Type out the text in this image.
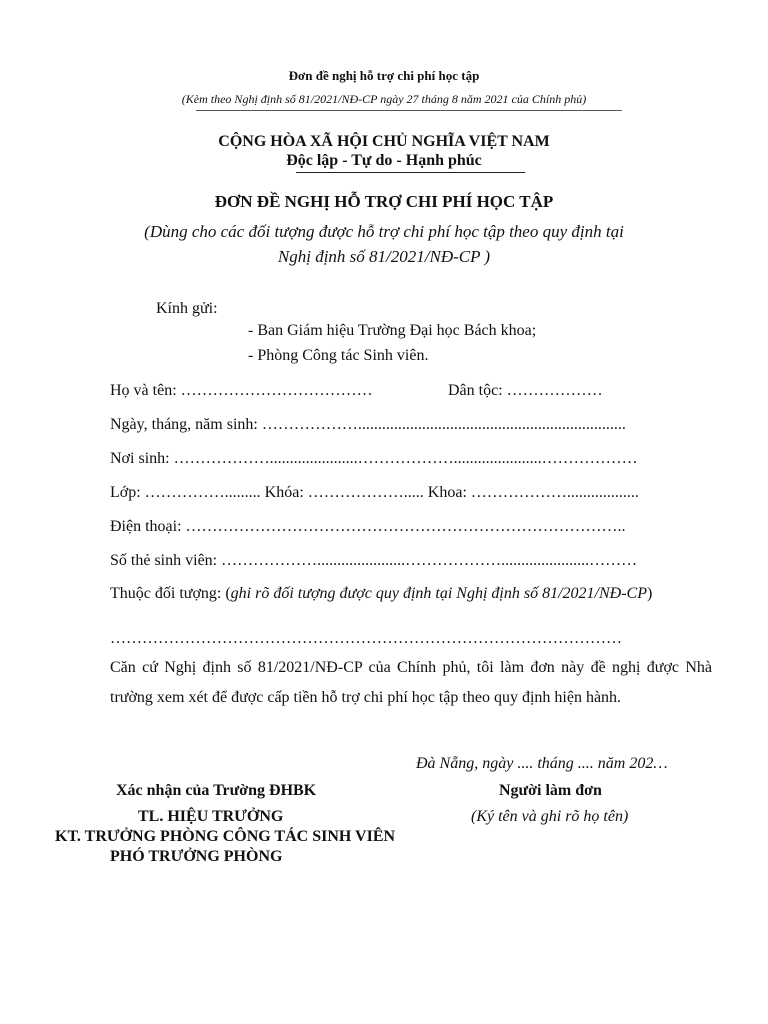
Đơn đề nghị hỗ trợ chi phí học tập
(Kèm theo Nghị định số 81/2021/NĐ-CP ngày 27 tháng 8 năm 2021 của Chính phủ)
CỘNG HÒA XÃ HỘI CHỦ NGHĨA VIỆT NAM
Độc lập - Tự do - Hạnh phúc
ĐƠN ĐỀ NGHỊ HỖ TRỢ CHI PHÍ HỌC TẬP
(Dùng cho các đối tượng được hỗ trợ chi phí học tập theo quy định tại
Nghị định số 81/2021/NĐ-CP )
Kính gửi:
- Ban Giám hiệu Trường Đại học Bách khoa;
- Phòng Công tác Sinh viên.
Họ và tên: ………………………………	Dân tộc: ………………
Ngày, tháng, năm sinh: ………………...................................................................
Nơi sinh: ………………......................………………......................………………
Lớp: ……………......... Khóa: ………………..... Khoa: ………………..................
Điện thoại: ………………………………………………………………………..
Số thẻ sinh viên: ………………......................………………......................………
Thuộc đối tượng: (ghi rõ đối tượng được quy định tại Nghị định số 81/2021/NĐ-CP)
……………………………………………………………………………………
Căn cứ Nghị định số 81/2021/NĐ-CP của Chính phủ, tôi làm đơn này đề nghị được Nhà trường xem xét để được cấp tiền hỗ trợ chi phí học tập theo quy định hiện hành.
Đà Nẵng, ngày .... tháng .... năm 202…
Xác nhận của Trường ĐHBK	Người làm đơn
TL. HIỆU TRƯỞNG	(Ký tên và ghi rõ họ tên)
KT. TRƯỞNG PHÒNG CÔNG TÁC SINH VIÊN
PHÓ TRƯỞNG PHÒNG
